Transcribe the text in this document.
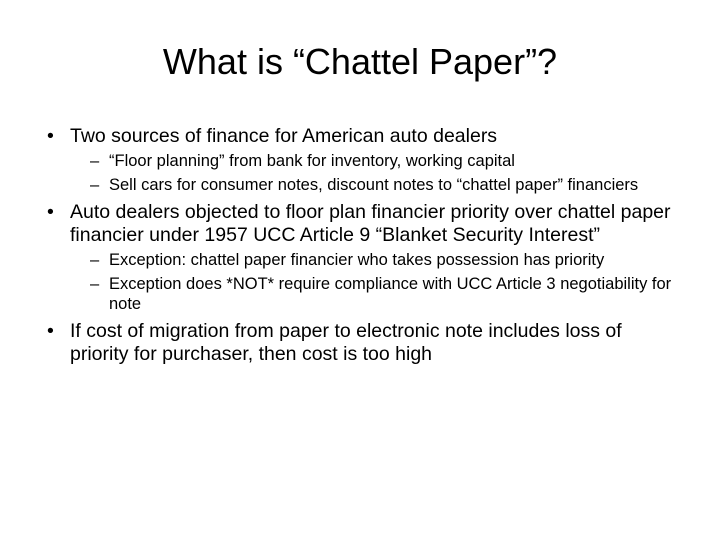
What is “Chattel Paper”?
• Two sources of finance for American auto dealers
– “Floor planning” from bank for inventory, working capital
– Sell cars for consumer notes, discount notes to “chattel paper” financiers
• Auto dealers objected to floor plan financier priority over chattel paper financier under 1957 UCC Article 9 “Blanket Security Interest”
– Exception: chattel paper financier who takes possession has priority
– Exception does *NOT* require compliance with UCC Article 3 negotiability for note
• If cost of migration from paper to electronic note includes loss of priority for purchaser, then cost is too high
